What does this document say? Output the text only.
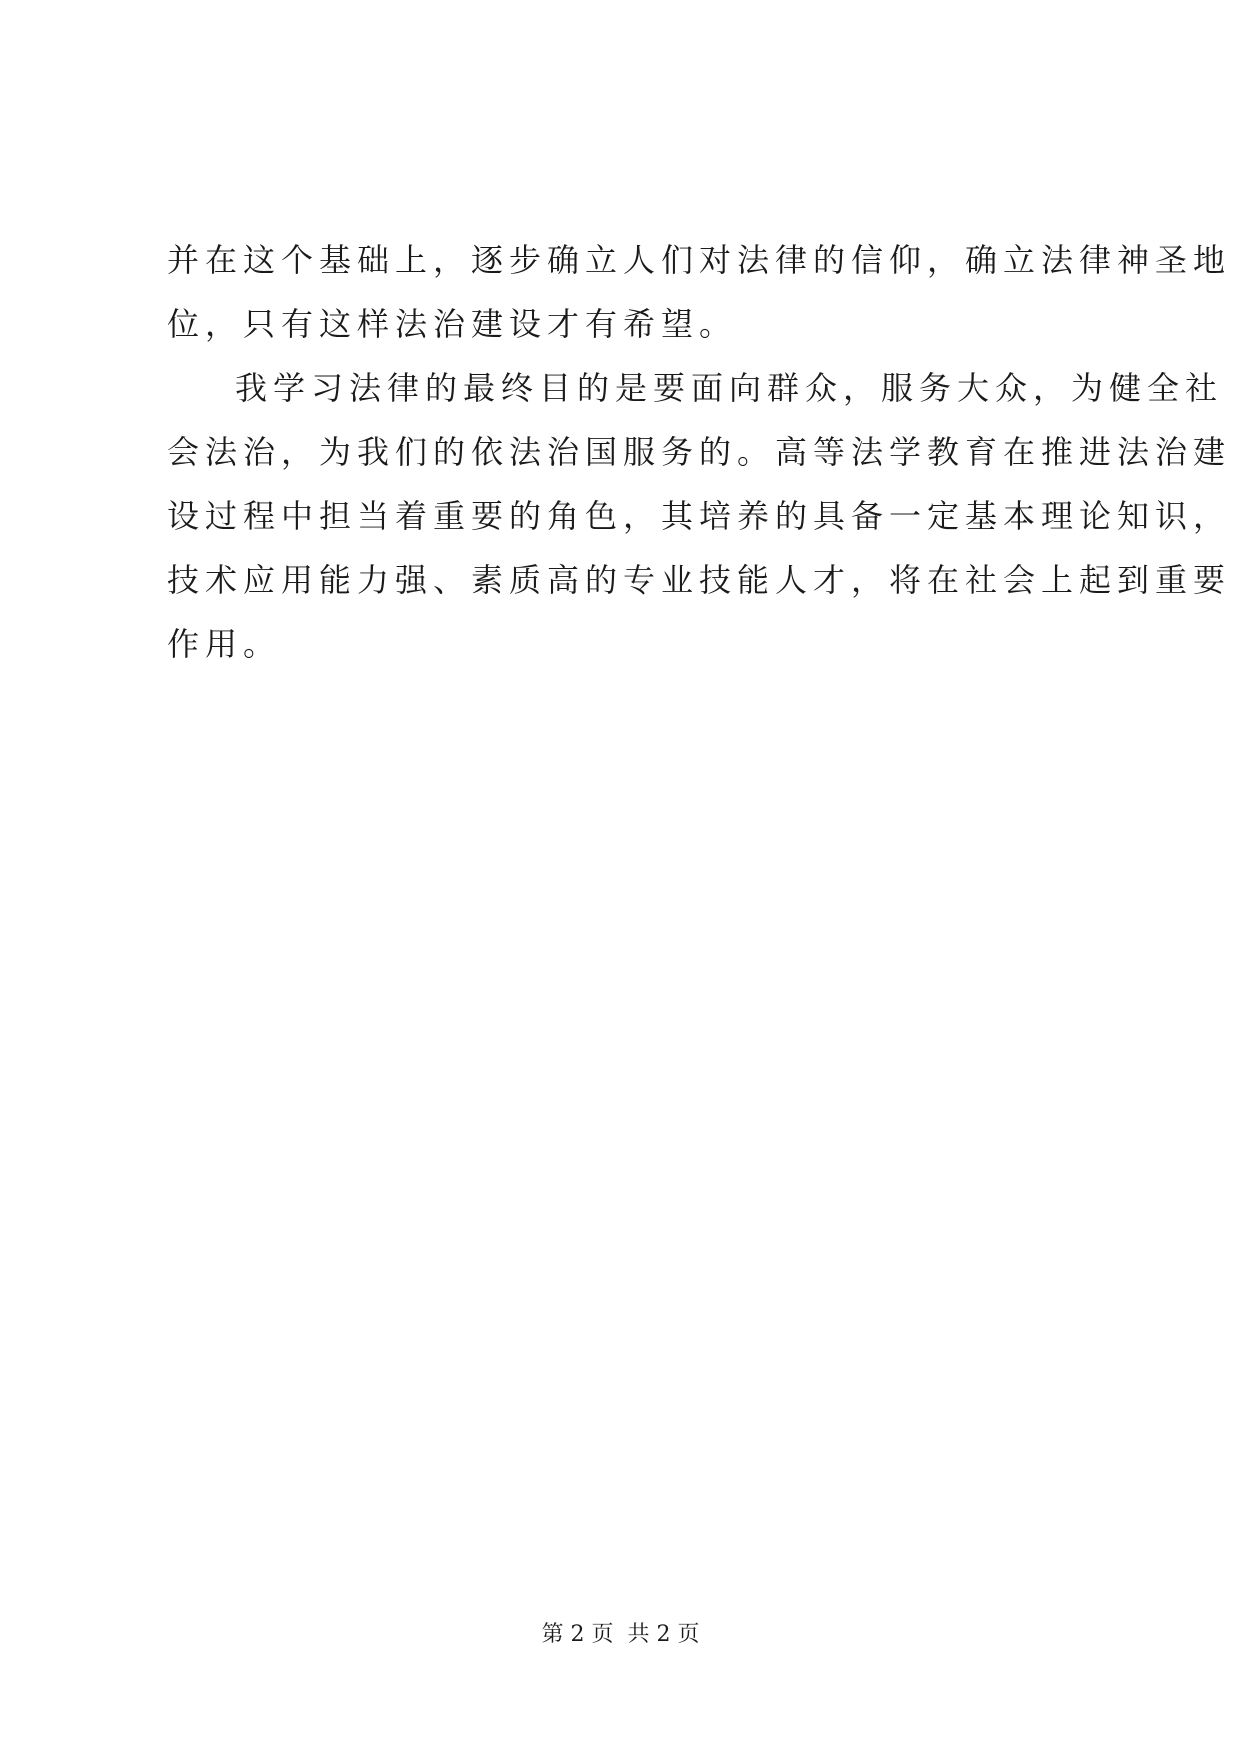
并在这个基础上，逐步确立人们对法律的信仰，确立法律神圣地
位，只有这样法治建设才有希望。
我学习法律的最终目的是要面向群众，服务大众，为健全社
会法治，为我们的依法治国服务的。高等法学教育在推进法治建
设过程中担当着重要的角色，其培养的具备一定基本理论知识，
技术应用能力强、素质高的专业技能人才，将在社会上起到重要
作用。
第 2 页 共 2 页
